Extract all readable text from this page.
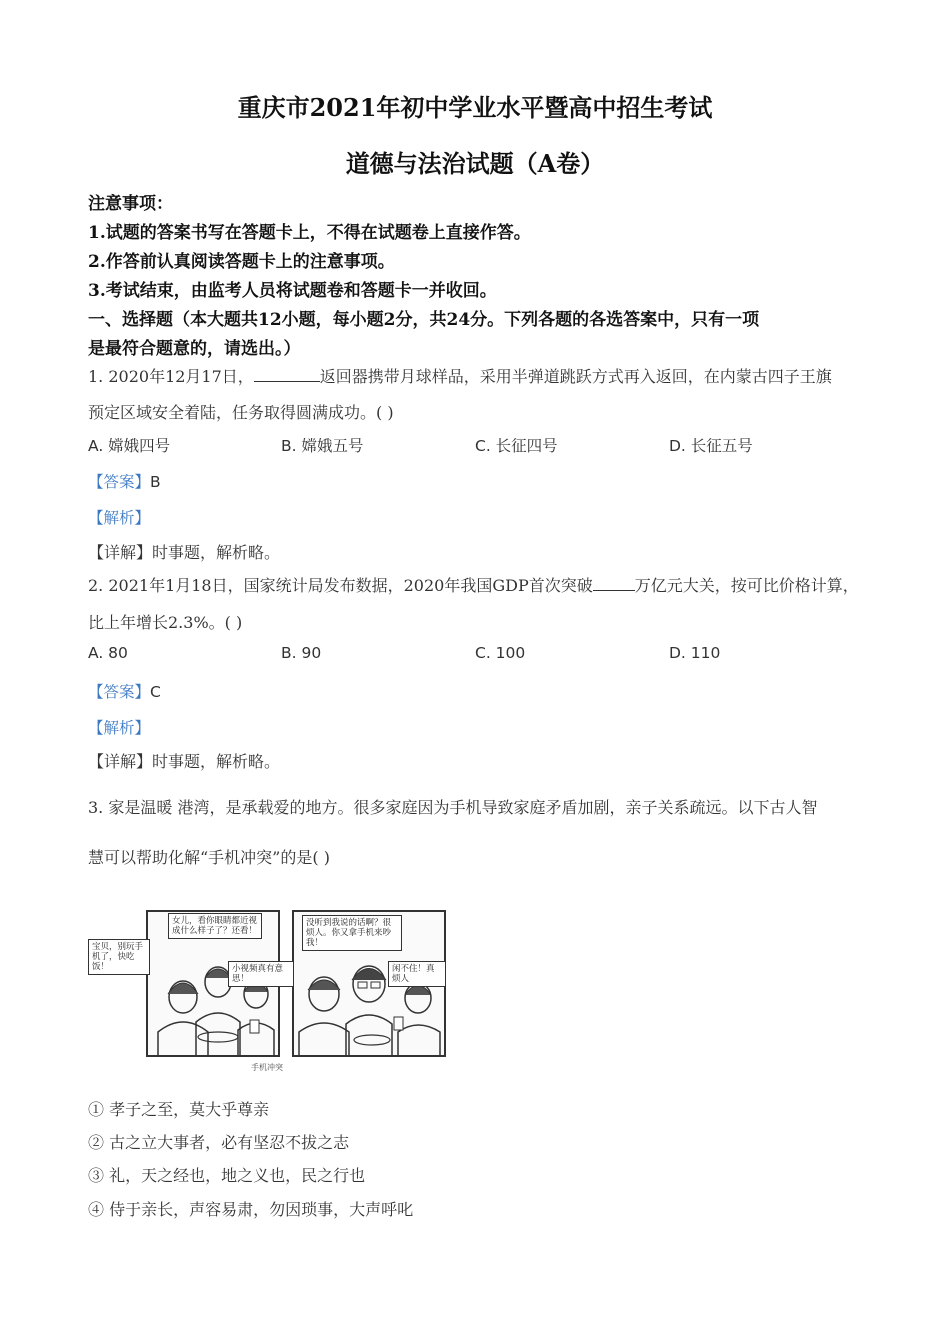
重庆市2021年初中学业水平暨高中招生考试
道德与法治试题（A卷）
注意事项：
1.试题的答案书写在答题卡上，不得在试题卷上直接作答。
2.作答前认真阅读答题卡上的注意事项。
3.考试结束，由监考人员将试题卷和答题卡一并收回。
一、选择题（本大题共12小题，每小题2分，共24分。下列各题的各选答案中，只有一项
是最符合题意的，请选出。）
1. 2020年12月17日，	返回器携带月球样品，采用半弹道跳跃方式再入返回，在内蒙古四子王旗
预定区域安全着陆，任务取得圆满成功。( )
A. 嫦娥四号	B. 嫦娥五号	C. 长征四号	D. 长征五号
【答案】B
【解析】
【详解】时事题，解析略。
2. 2021年1月18日，国家统计局发布数据，2020年我国GDP首次突破	万亿元大关，按可比价格计算，
比上年增长2.3%。( )
A. 80	B. 90	C. 100	D. 110
【答案】C
【解析】
【详解】时事题，解析略。
3. 家是温暖 港湾，是承载爱的地方。很多家庭因为手机导致家庭矛盾加剧，亲子关系疏远。以下古人智
慧可以帮助化解“手机冲突”的是( )
宝贝，别玩手机了，快吃饭！
女儿，看你眼睛都近视成什么样子了？还看！
小视频真有意思！
没听到我说的话啊？很烦人。你又拿手机来吵我！
闲不住！真烦人
手机冲突
① 孝子之至，莫大乎尊亲
② 古之立大事者，必有坚忍不拔之志
③ 礼，天之经也，地之义也，民之行也
④ 侍于亲长，声容易肃，勿因琐事，大声呼叱
